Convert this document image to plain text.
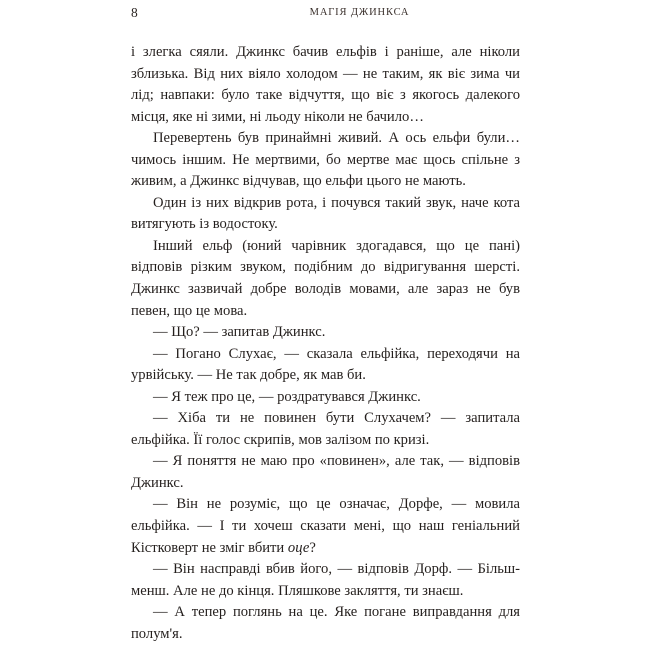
8	МАГІЯ ДЖИНКСА

і злегка сяяли. Джинкс бачив ельфів і раніше, але ніколи зблизька. Від них віяло холодом — не таким, як віє зима чи лід; навпаки: було таке відчуття, що віє з якогось далекого місця, яке ні зими, ні льоду ніколи не бачило…

Перевертень був принаймні живий. А ось ельфи були… чимось іншим. Не мертвими, бо мертве має щось спільне з живим, а Джинкс відчував, що ельфи цього не мають.

Один із них відкрив рота, і почувся такий звук, наче кота витягують із водостоку.

Інший ельф (юний чарівник здогадався, що це пані) відповів різким звуком, подібним до відригування шерсті. Джинкс зазвичай добре володів мовами, але зараз не був певен, що це мова.

— Що? — запитав Джинкс.

— Погано Слухає, — сказала ельфійка, переходячи на урвійську. — Не так добре, як мав би.

— Я теж про це, — роздратувався Джинкс.

— Хіба ти не повинен бути Слухачем? — запитала ельфійка. Її голос скрипів, мов залізом по кризі.

— Я поняття не маю про «повинен», але так, — відповів Джинкс.

— Він не розуміє, що це означає, Дорфе, — мовила ельфійка. — І ти хочеш сказати мені, що наш геніальний Кістковерт не зміг вбити оце?

— Він насправді вбив його, — відповів Дорф. — Більш-менш. Але не до кінця. Пляшкове закляття, ти знаєш.

— А тепер поглянь на це. Яке погане виправдання для полум'я.
